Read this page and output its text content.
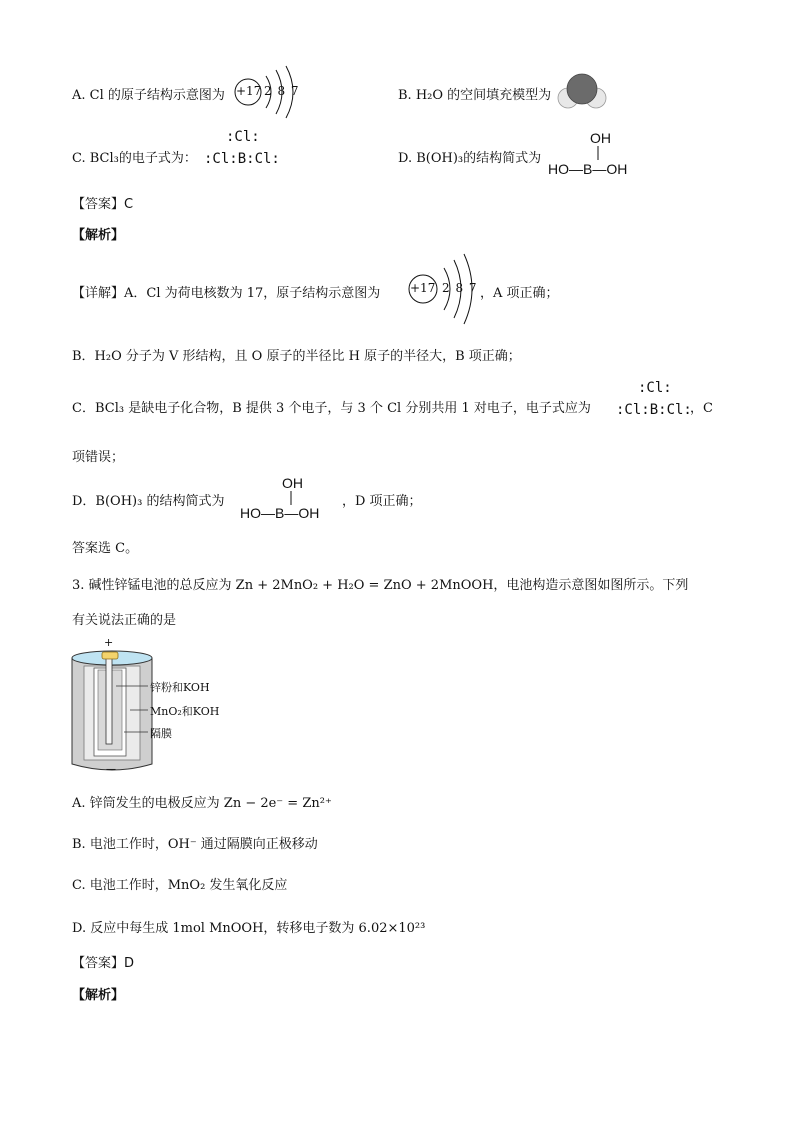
A. Cl 的原子结构示意图为 +17 2 8 7	B. H₂O 的空间填充模型为
C. BCl₃的电子式为：
:Cl:
:Cl:B:Cl:	D. B(OH)₃的结构简式为
OH
HO—B—OH
【答案】C
【解析】
【详解】A．Cl 为荷电核数为 17，原子结构示意图为 +17 2 8 7 ，A 项正确；
B．H₂O 分子为 V 形结构，且 O 原子的半径比 H 原子的半径大，B 项正确；
C．BCl₃ 是缺电子化合物，B 提供 3 个电子，与 3 个 Cl 分别共用 1 对电子，电子式应为
:Cl:
:Cl:B:Cl:
，C
项错误；
D．B(OH)₃ 的结构简式为
OH
HO—B—OH
，D 项正确；
答案选 C。
3. 碱性锌锰电池的总反应为 Zn + 2MnO₂ + H₂O = ZnO + 2MnOOH，电池构造示意图如图所示。下列
有关说法正确的是
+
—
锌粉和KOH
MnO₂和KOH
隔膜
A. 锌筒发生的电极反应为 Zn − 2e⁻ = Zn²⁺
B. 电池工作时，OH⁻ 通过隔膜向正极移动
C. 电池工作时，MnO₂ 发生氧化反应
D. 反应中每生成 1mol MnOOH，转移电子数为 6.02×10²³
【答案】D
【解析】
